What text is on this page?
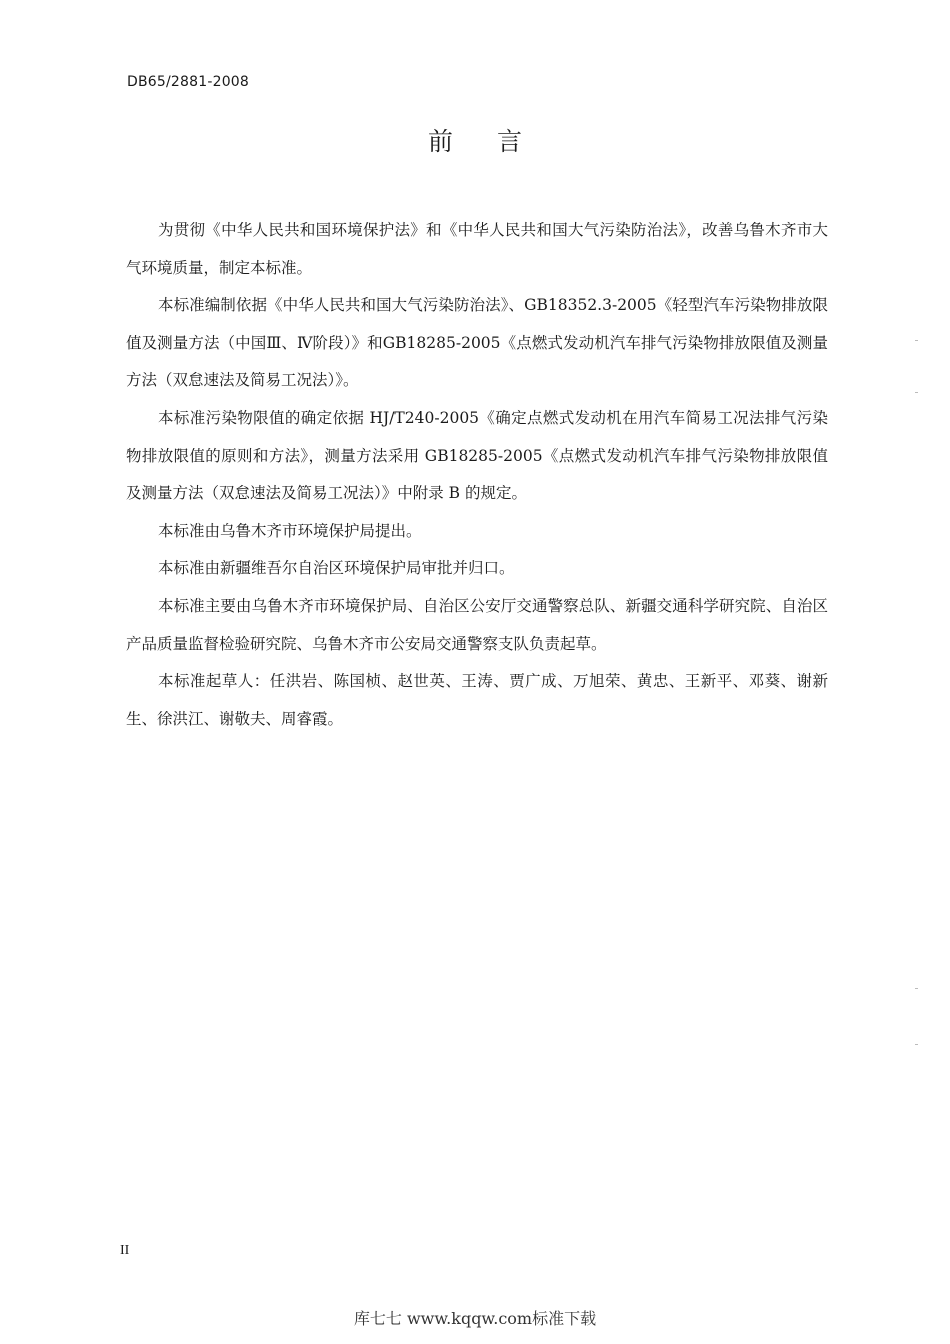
DB65/2881-2008
前言

为贯彻《中华人民共和国环境保护法》和《中华人民共和国大气污染防治法》，改善乌鲁木齐市大气环境质量，制定本标准。

本标准编制依据《中华人民共和国大气污染防治法》、GB18352.3-2005《轻型汽车污染物排放限值及测量方法（中国Ⅲ、Ⅳ阶段）》和GB18285-2005《点燃式发动机汽车排气污染物排放限值及测量方法（双怠速法及简易工况法）》。

本标准污染物限值的确定依据 HJ/T240-2005《确定点燃式发动机在用汽车简易工况法排气污染物排放限值的原则和方法》，测量方法采用 GB18285-2005《点燃式发动机汽车排气污染物排放限值及测量方法（双怠速法及简易工况法）》中附录 B 的规定。

本标准由乌鲁木齐市环境保护局提出。

本标准由新疆维吾尔自治区环境保护局审批并归口。

本标准主要由乌鲁木齐市环境保护局、自治区公安厅交通警察总队、新疆交通科学研究院、自治区产品质量监督检验研究院、乌鲁木齐市公安局交通警察支队负责起草。

本标准起草人：任洪岩、陈国桢、赵世英、王涛、贾广成、万旭荣、黄忠、王新平、邓葵、谢新生、徐洪江、谢敬夫、周睿霞。

II
库七七 www.kqqw.com标准下载
